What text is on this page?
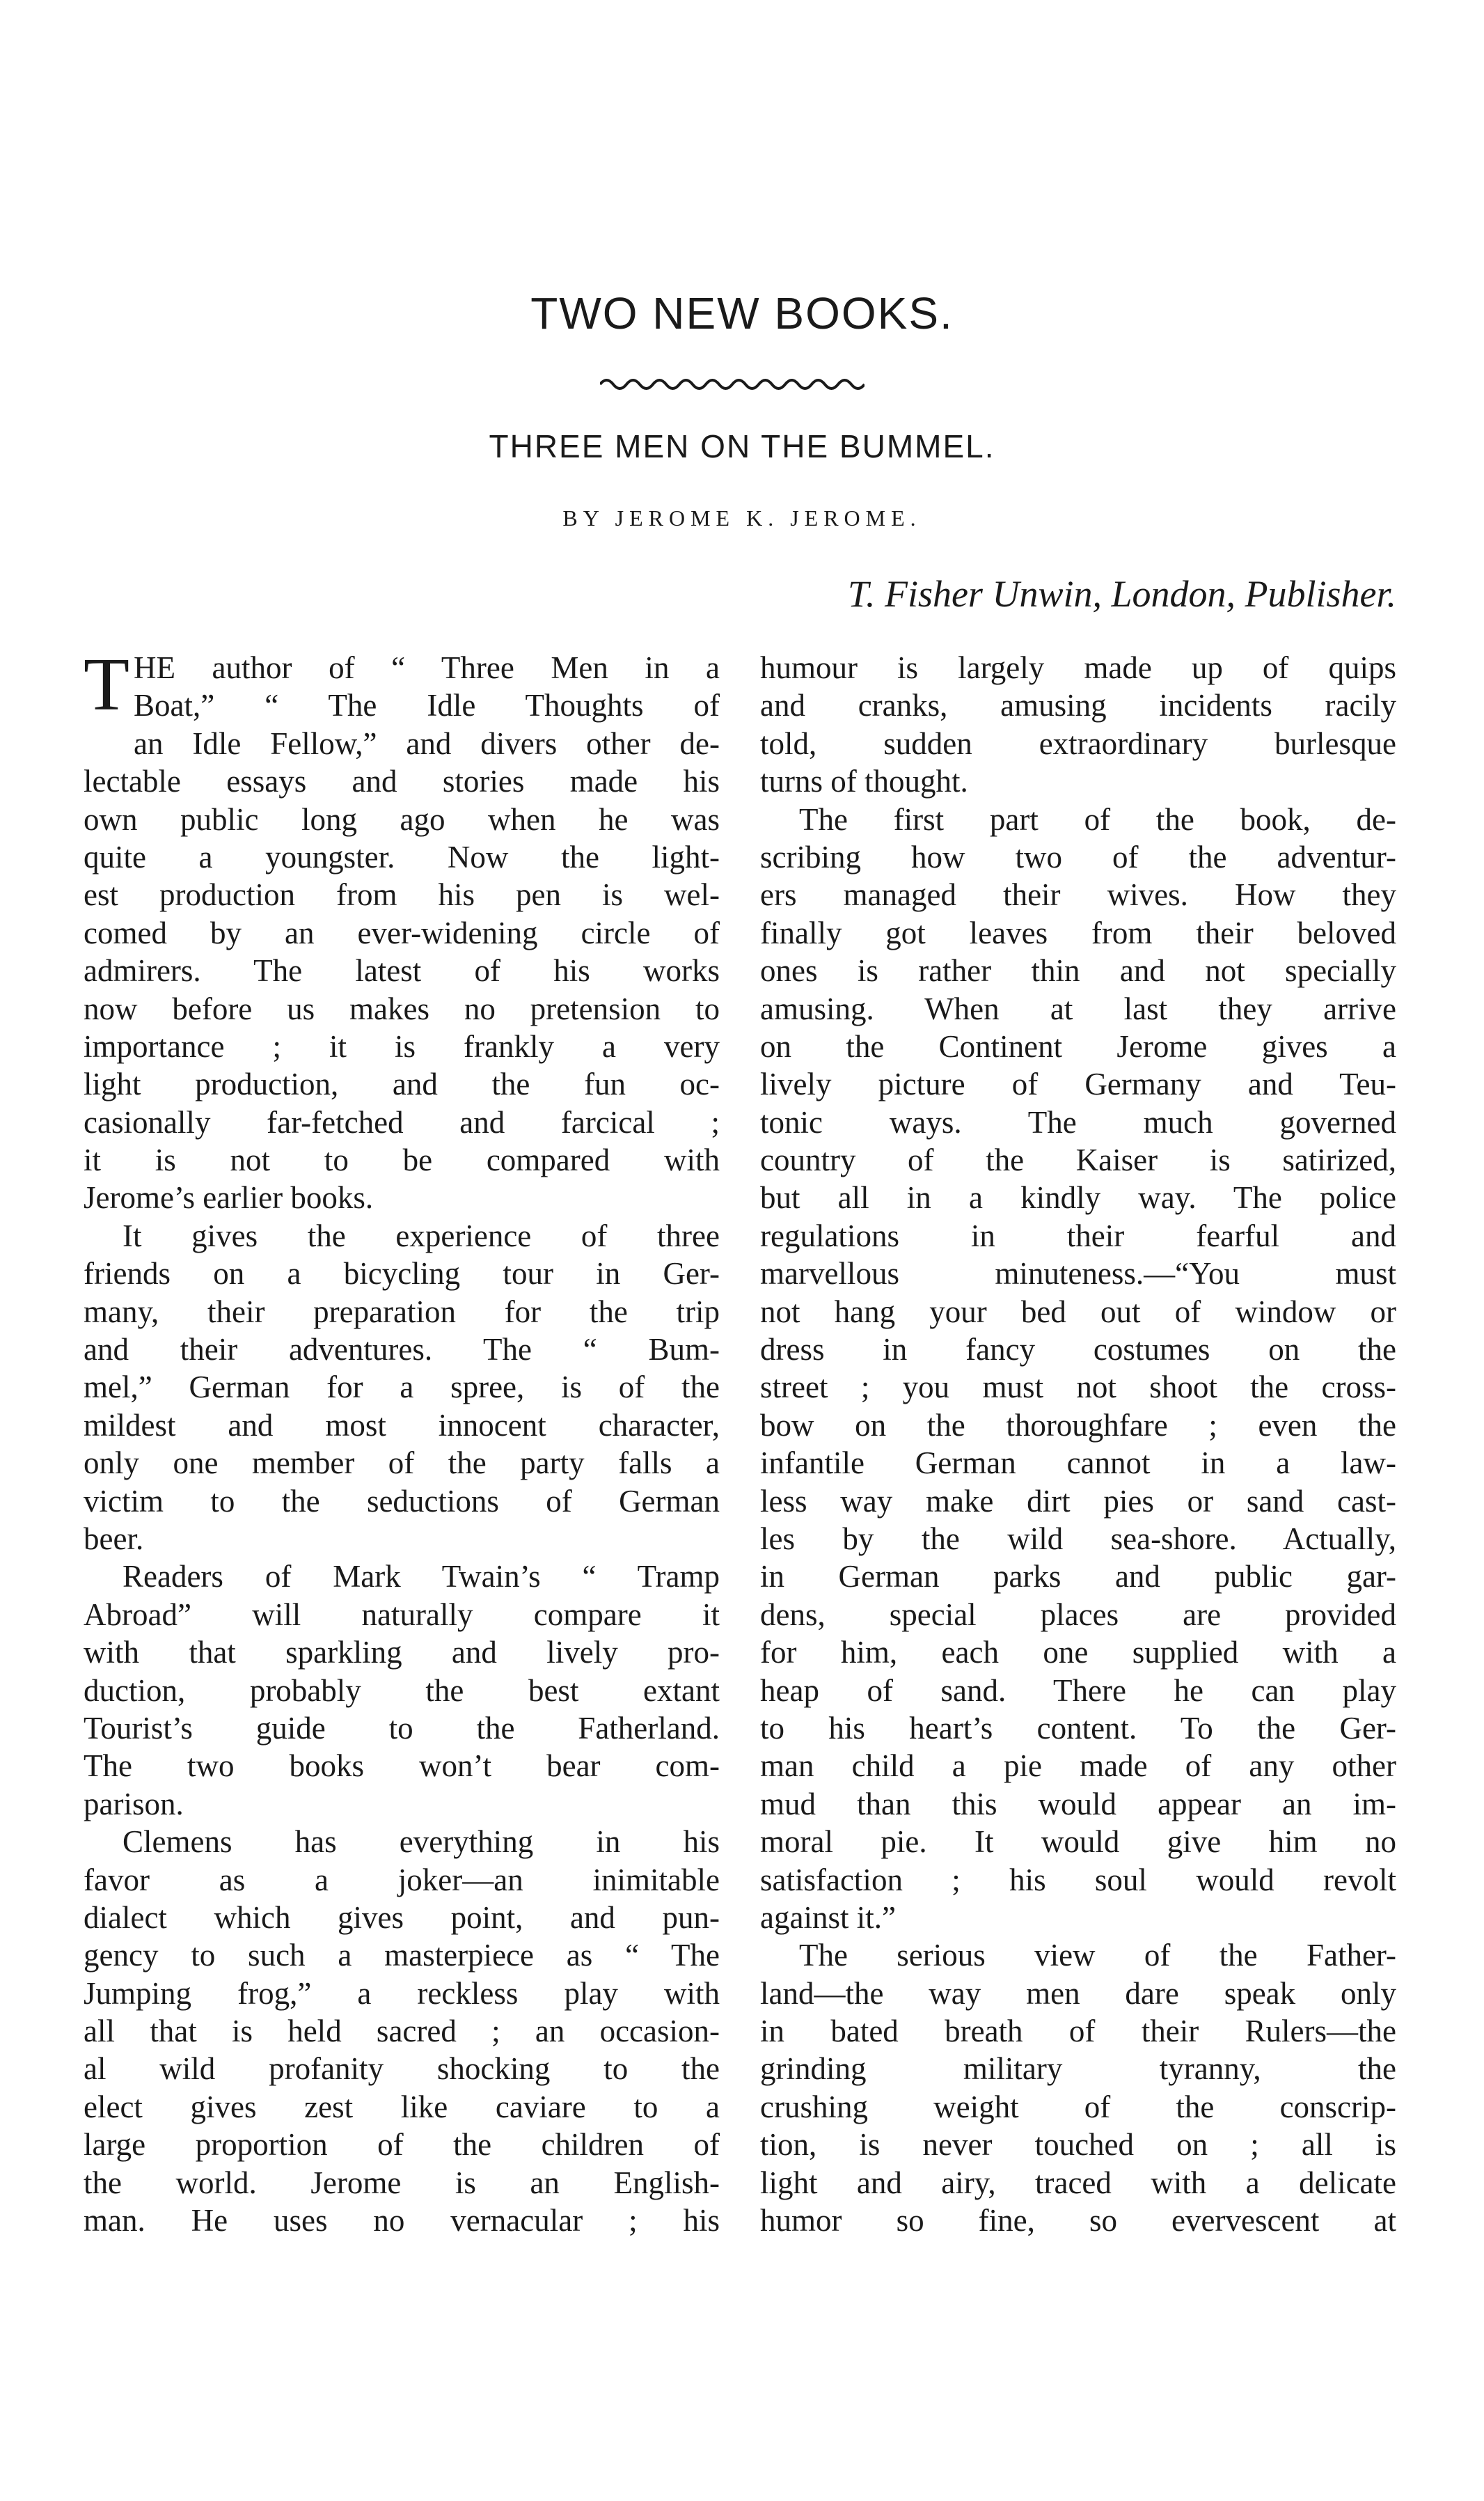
TWO NEW BOOKS.
THREE MEN ON THE BUMMEL.
BY JEROME K. JEROME.
T. Fisher Unwin, London, Publisher.
T HE author of “ Three Men in a
Boat,” “ The Idle Thoughts of
an Idle Fellow,” and divers other de-
lectable essays and stories made his
own public long ago when he was
quite a youngster. Now the light-
est production from his pen is wel-
comed by an ever-widening circle of
admirers. The latest of his works
now before us makes no pretension to
importance ; it is frankly a very
light production, and the fun oc-
casionally far-fetched and farcical ;
it is not to be compared with
Jerome’s earlier books.
It gives the experience of three
friends on a bicycling tour in Ger-
many, their preparation for the trip
and their adventures. The “ Bum-
mel,” German for a spree, is of the
mildest and most innocent character,
only one member of the party falls a
victim to the seductions of German
beer.
Readers of Mark Twain’s “ Tramp
Abroad” will naturally compare it
with that sparkling and lively pro-
duction, probably the best extant
Tourist’s guide to the Fatherland.
The two books won’t bear com-
parison.
Clemens has everything in his
favor as a joker—an inimitable
dialect which gives point, and pun-
gency to such a masterpiece as “ The
Jumping frog,” a reckless play with
all that is held sacred ; an occasion-
al wild profanity shocking to the
elect gives zest like caviare to a
large proportion of the children of
the world. Jerome is an English-
man. He uses no vernacular ; his
humour is largely made up of quips
and cranks, amusing incidents racily
told, sudden extraordinary burlesque
turns of thought.
The first part of the book, de-
scribing how two of the adventur-
ers managed their wives. How they
finally got leaves from their beloved
ones is rather thin and not specially
amusing. When at last they arrive
on the Continent Jerome gives a
lively picture of Germany and Teu-
tonic ways. The much governed
country of the Kaiser is satirized,
but all in a kindly way. The police
regulations in their fearful and
marvellous minuteness.—“You must
not hang your bed out of window or
dress in fancy costumes on the
street ; you must not shoot the cross-
bow on the thoroughfare ; even the
infantile German cannot in a law-
less way make dirt pies or sand cast-
les by the wild sea-shore. Actually,
in German parks and public gar-
dens, special places are provided
for him, each one supplied with a
heap of sand. There he can play
to his heart’s content. To the Ger-
man child a pie made of any other
mud than this would appear an im-
moral pie. It would give him no
satisfaction ; his soul would revolt
against it.”
The serious view of the Father-
land—the way men dare speak only
in bated breath of their Rulers—the
grinding military tyranny, the
crushing weight of the conscrip-
tion, is never touched on ; all is
light and airy, traced with a delicate
humor so fine, so evervescent at
